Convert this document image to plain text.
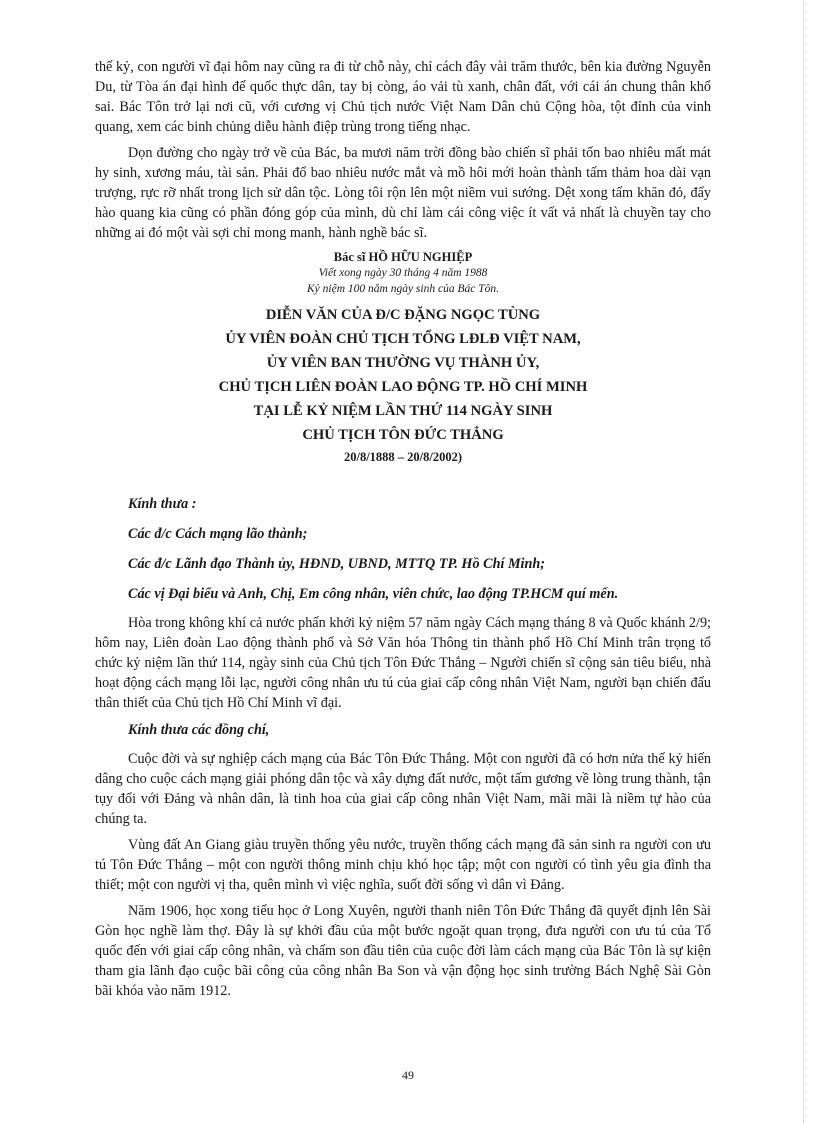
thế kỷ, con người vĩ đại hôm nay cũng ra đi từ chỗ này, chỉ cách đây vài trăm thước, bên kia đường Nguyễn Du, từ Tòa án đại hình đế quốc thực dân, tay bị còng, áo vải tù xanh, chân đất, với cái án chung thân khổ sai. Bác Tôn trở lại nơi cũ, với cương vị Chủ tịch nước Việt Nam Dân chủ Cộng hòa, tột đỉnh của vinh quang, xem các binh chủng diễu hành điệp trùng trong tiếng nhạc.

Dọn đường cho ngày trở về của Bác, ba mươi năm trời đồng bào chiến sĩ phải tốn bao nhiêu mất mát hy sinh, xương máu, tài sản. Phải đổ bao nhiêu nước mắt và mồ hôi mới hoàn thành tấm thảm hoa dài vạn trượng, rực rỡ nhất trong lịch sử dân tộc. Lòng tôi rộn lên một niềm vui sướng. Dệt xong tấm khăn đỏ, đẩy hào quang kia cũng có phần đóng góp của mình, dù chỉ làm cái công việc ít vất vả nhất là chuyền tay cho những ai đó một vài sợi chỉ mong manh, hành nghề bác sĩ.

Bác sĩ HỒ HỮU NGHIỆP
Viết xong ngày 30 tháng 4 năm 1988
Kỷ niệm 100 năm ngày sinh của Bác Tôn.
DIỄN VĂN CỦA Đ/C ĐẶNG NGỌC TÙNG
ỦY VIÊN ĐOÀN CHỦ TỊCH TỔNG LĐLĐ VIỆT NAM,
ỦY VIÊN BAN THƯỜNG VỤ THÀNH ỦY,
CHỦ TỊCH LIÊN ĐOÀN LAO ĐỘNG TP. HỒ CHÍ MINH
TẠI LỄ KỶ NIỆM LẦN THỨ 114 NGÀY SINH
CHỦ TỊCH TÔN ĐỨC THẮNG
20/8/1888 – 20/8/2002)
Kính thưa :
Các đ/c Cách mạng lão thành;
Các đ/c Lãnh đạo Thành ủy, HĐND, UBND, MTTQ TP. Hồ Chí Minh;
Các vị Đại biểu và Anh, Chị, Em công nhân, viên chức, lao động TP.HCM quí mến.

Hòa trong không khí cả nước phấn khởi kỷ niệm 57 năm ngày Cách mạng tháng 8 và Quốc khánh 2/9; hôm nay, Liên đoàn Lao động thành phố và Sở Văn hóa Thông tin thành phố Hồ Chí Minh trân trọng tổ chức kỷ niệm lần thứ 114, ngày sinh của Chủ tịch Tôn Đức Thắng – Người chiến sĩ cộng sản tiêu biểu, nhà hoạt động cách mạng lỗi lạc, người công nhân ưu tú của giai cấp công nhân Việt Nam, người bạn chiến đấu thân thiết của Chủ tịch Hồ Chí Minh vĩ đại.

Kính thưa các đồng chí,

Cuộc đời và sự nghiệp cách mạng của Bác Tôn Đức Thắng. Một con người đã có hơn nửa thế kỷ hiến dâng cho cuộc cách mạng giải phóng dân tộc và xây dựng đất nước, một tấm gương về lòng trung thành, tận tụy đối với Đảng và nhân dân, là tinh hoa của giai cấp công nhân Việt Nam, mãi mãi là niềm tự hào của chúng ta.

Vùng đất An Giang giàu truyền thống yêu nước, truyền thống cách mạng đã sản sinh ra người con ưu tú Tôn Đức Thắng – một con người thông minh chịu khó học tập; một con người có tình yêu gia đình tha thiết; một con người vị tha, quên mình vì việc nghĩa, suốt đời sống vì dân vì Đảng.

Năm 1906, học xong tiểu học ở Long Xuyên, người thanh niên Tôn Đức Thắng đã quyết định lên Sài Gòn học nghề làm thợ. Đây là sự khởi đầu của một bước ngoặt quan trọng, đưa người con ưu tú của Tổ quốc đến với giai cấp công nhân, và chấm son đầu tiên của cuộc đời làm cách mạng của Bác Tôn là sự kiện tham gia lãnh đạo cuộc bãi công của công nhân Ba Son và vận động học sinh trường Bách Nghệ Sài Gòn bãi khóa vào năm 1912.

49
